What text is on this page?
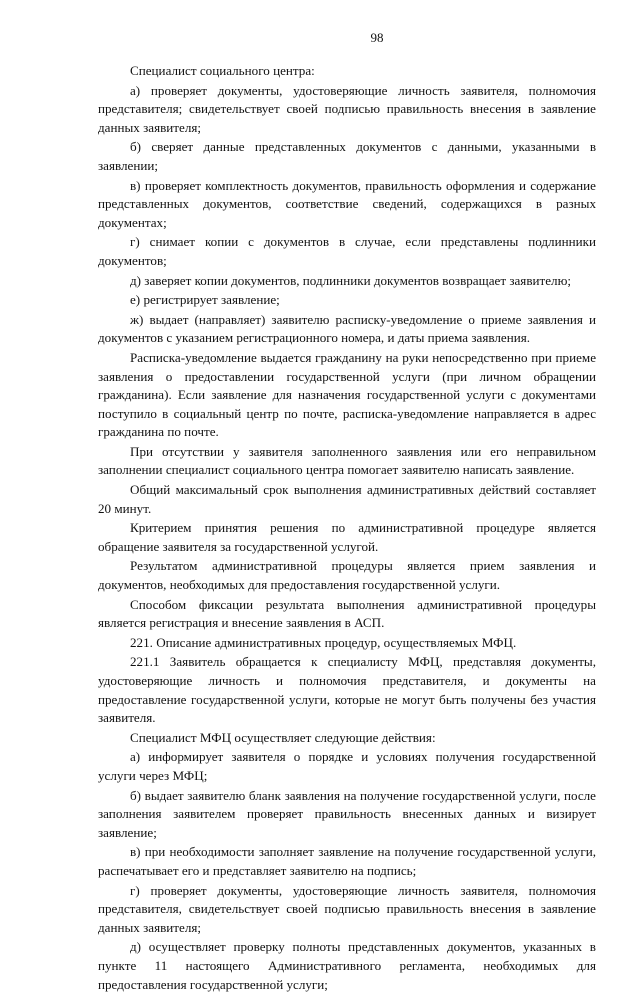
98

Специалист социального центра:

а) проверяет документы, удостоверяющие личность заявителя, полномочия представителя; свидетельствует своей подписью правильность внесения в заявление данных заявителя;

б) сверяет данные представленных документов с данными, указанными в заявлении;

в) проверяет комплектность документов, правильность оформления и содержание представленных документов, соответствие сведений, содержащихся в разных документах;

г) снимает копии с документов в случае, если представлены подлинники документов;

д) заверяет копии документов, подлинники документов возвращает заявителю;

е) регистрирует заявление;

ж) выдает (направляет) заявителю расписку-уведомление о приеме заявления и документов с указанием регистрационного номера, и даты приема заявления.

Расписка-уведомление выдается гражданину на руки непосредственно при приеме заявления о предоставлении государственной услуги (при личном обращении гражданина). Если заявление для назначения государственной услуги с документами поступило в социальный центр по почте, расписка-уведомление направляется в адрес гражданина по почте.

При отсутствии у заявителя заполненного заявления или его неправильном заполнении специалист социального центра помогает заявителю написать заявление.

Общий максимальный срок выполнения административных действий составляет 20 минут.

Критерием принятия решения по административной процедуре является обращение заявителя за государственной услугой.

Результатом административной процедуры является прием заявления и документов, необходимых для предоставления государственной услуги.

Способом фиксации результата выполнения административной процедуры является регистрация и внесение заявления в АСП.

221. Описание административных процедур, осуществляемых МФЦ.

221.1 Заявитель обращается к специалисту МФЦ, представляя документы, удостоверяющие личность и полномочия представителя, и документы на предоставление государственной услуги, которые не могут быть получены без участия заявителя.

Специалист МФЦ осуществляет следующие действия:

а) информирует заявителя о порядке и условиях получения государственной услуги через МФЦ;

б) выдает заявителю бланк заявления на получение государственной услуги, после заполнения заявителем проверяет правильность внесенных данных и визирует заявление;

в) при необходимости заполняет заявление на получение государственной услуги, распечатывает его и представляет заявителю на подпись;

г) проверяет документы, удостоверяющие личность заявителя, полномочия представителя, свидетельствует своей подписью правильность внесения в заявление данных заявителя;

д) осуществляет проверку полноты представленных документов, указанных в пункте 11 настоящего Административного регламента, необходимых для предоставления государственной услуги;
